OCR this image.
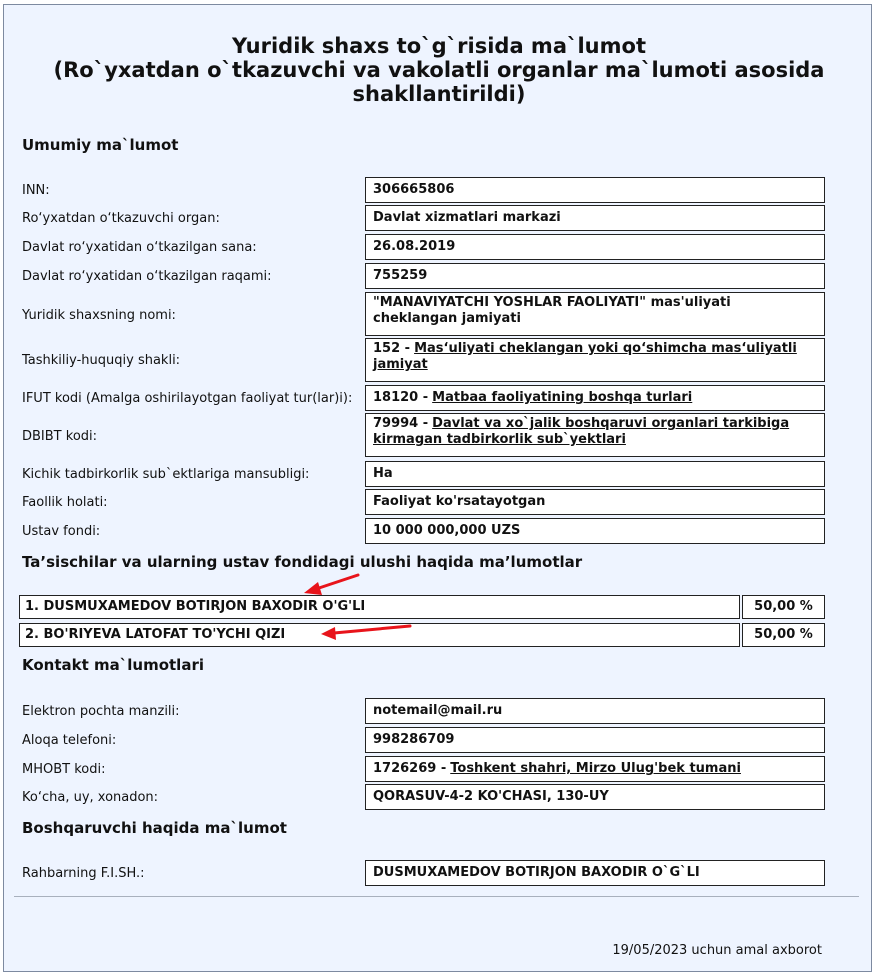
Yuridik shaxs to`g`risida ma`lumot
(Ro`yxatdan o`tkazuvchi va vakolatli organlar ma`lumoti asosida
shakllantirildi)
Umumiy ma`lumot
INN:	306665806
Ro‘yxatdan o‘tkazuvchi organ:	Davlat xizmatlari markazi
Davlat ro‘yxatidan o‘tkazilgan sana:	26.08.2019
Davlat ro‘yxatidan o‘tkazilgan raqami:	755259
Yuridik shaxsning nomi:
"MANAVIYATCHI YOSHLAR FAOLIYATI" mas'uliyati cheklangan jamiyati
Tashkiliy-huquqiy shakli:
152 - Mas‘uliyati cheklangan yoki qo‘shimcha mas‘uliyatli jamiyat
IFUT kodi (Amalga oshirilayotgan faoliyat tur(lar)i): 18120 - Matbaa faoliyatining boshqa turlari
DBIBT kodi:
79994 - Davlat va xo`jalik boshqaruvi organlari tarkibiga kirmagan tadbirkorlik sub`yektlari
Kichik tadbirkorlik sub`ektlariga mansubligi:	Ha
Faollik holati:	Faoliyat ko'rsatayotgan
Ustav fondi:	10 000 000,000 UZS
Ta’sischilar va ularning ustav fondidagi ulushi haqida ma’lumotlar
1. DUSMUXAMEDOV BOTIRJON BAXODIR O'G'LI	50,00 %
2. BO'RIYEVA LATOFAT TO'YCHI QIZI	50,00 %
Kontakt ma`lumotlari
Elektron pochta manzili:	notemail@mail.ru
Aloqa telefoni:	998286709
MHOBT kodi:	1726269 - Toshkent shahri, Mirzo Ulug'bek tumani
Ko‘cha, uy, xonadon:	QORASUV-4-2 KO'CHASI, 130-UY
Boshqaruvchi haqida ma`lumot
Rahbarning F.I.SH.:	DUSMUXAMEDOV BOTIRJON BAXODIR O`G`LI
19/05/2023 uchun amal axborot
